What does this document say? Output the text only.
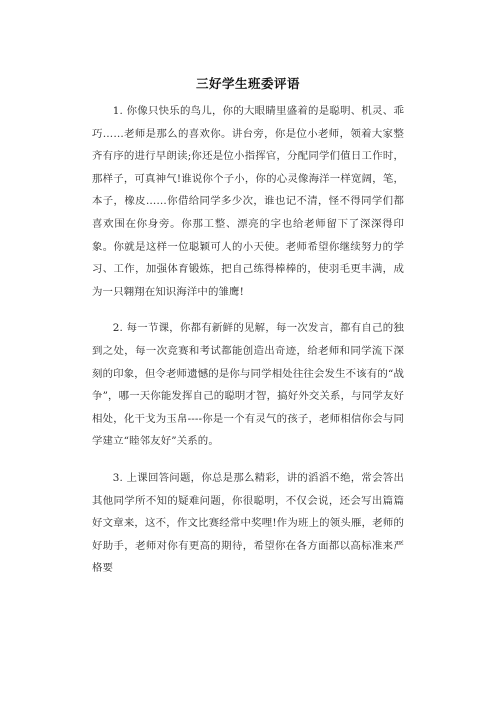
三好学生班委评语

1. 你像只快乐的鸟儿，你的大眼睛里盛着的是聪明、机灵、乖巧……老师是那么的喜欢你。讲台旁，你是位小老师，领着大家整齐有序的进行早朗读;你还是位小指挥官，分配同学们值日工作时，那样子，可真神气!谁说你个子小，你的心灵像海洋一样宽阔，笔，本子，橡皮……你借给同学多少次，谁也记不清，怪不得同学们都喜欢围在你身旁。你那工整、漂亮的字也给老师留下了深深得印象。你就是这样一位聪颖可人的小天使。老师希望你继续努力的学习、工作，加强体育锻炼，把自己练得棒棒的，使羽毛更丰满，成为一只翱翔在知识海洋中的雏鹰!

2. 每一节课，你都有新鲜的见解，每一次发言，都有自己的独到之处，每一次竞赛和考试都能创造出奇迹，给老师和同学流下深刻的印象，但令老师遗憾的是你与同学相处往往会发生不该有的“战争”，哪一天你能发挥自己的聪明才智，搞好外交关系，与同学友好相处，化干戈为玉帛----你是一个有灵气的孩子，老师相信你会与同学建立“睦邻友好”关系的。

3. 上课回答问题，你总是那么精彩，讲的滔滔不绝，常会答出其他同学所不知的疑难问题，你很聪明，不仅会说，还会写出篇篇好文章来，这不，作文比赛经常中奖哩!作为班上的领头雁，老师的好助手，老师对你有更高的期待，希望你在各方面都以高标准来严格要
